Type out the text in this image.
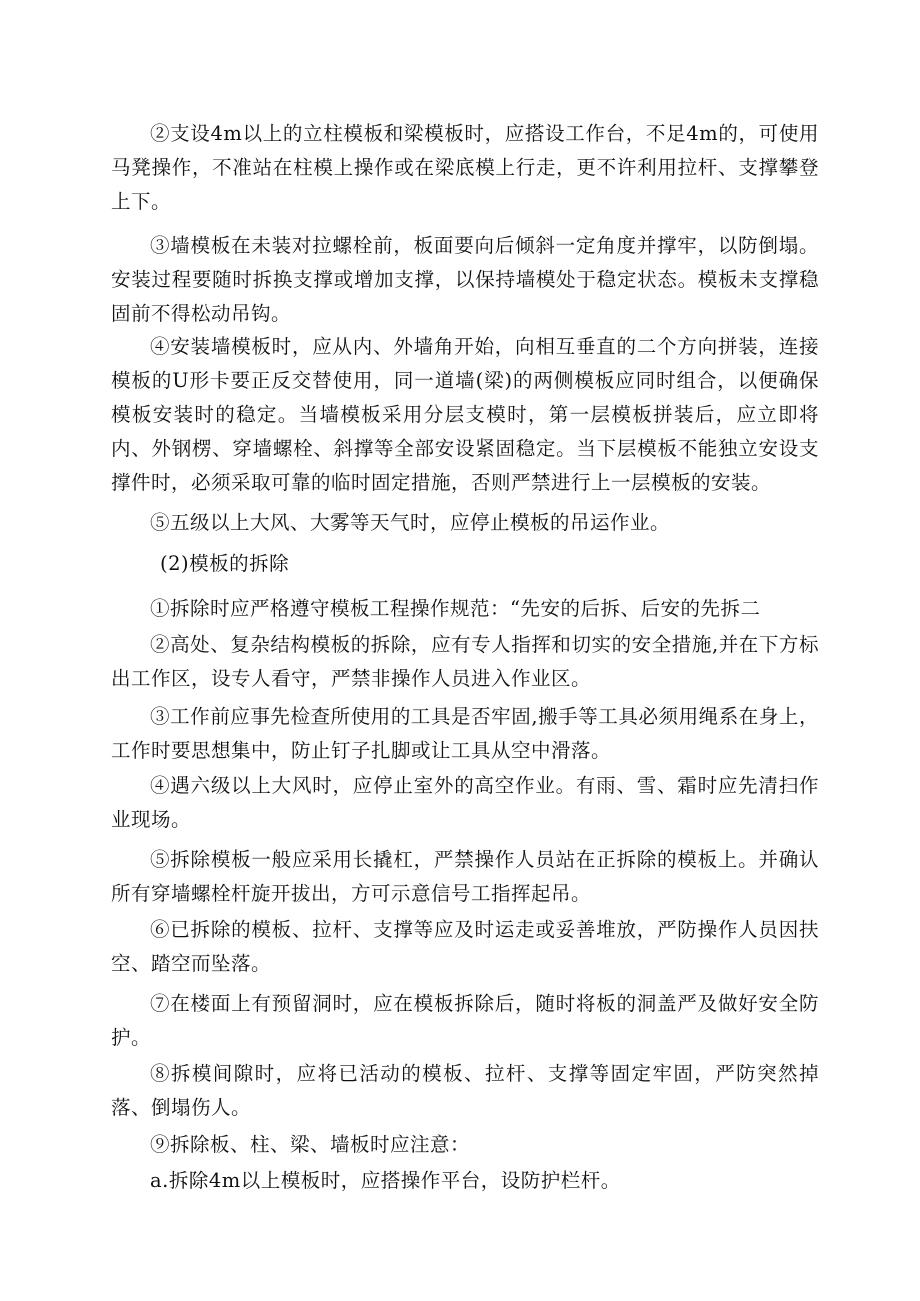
②支设4m以上的立柱模板和梁模板时，应搭设工作台，不足4m的，可使用马凳操作，不准站在柱模上操作或在梁底模上行走，更不许利用拉杆、支撑攀登上下。

③墙模板在未装对拉螺栓前，板面要向后倾斜一定角度并撑牢，以防倒塌。安装过程要随时拆换支撑或增加支撑，以保持墙模处于稳定状态。模板未支撑稳固前不得松动吊钩。

④安装墙模板时，应从内、外墙角开始，向相互垂直的二个方向拼装，连接模板的U形卡要正反交替使用，同一道墙(梁)的两侧模板应同时组合，以便确保模板安装时的稳定。当墙模板采用分层支模时，第一层模板拼装后，应立即将内、外钢楞、穿墙螺栓、斜撑等全部安设紧固稳定。当下层模板不能独立安设支撑件时，必须采取可靠的临时固定措施，否则严禁进行上一层模板的安装。

⑤五级以上大风、大雾等天气时，应停止模板的吊运作业。

(2)模板的拆除

①拆除时应严格遵守模板工程操作规范：“先安的后拆、后安的先拆二

②高处、复杂结构模板的拆除，应有专人指挥和切实的安全措施,并在下方标出工作区，设专人看守，严禁非操作人员进入作业区。

③工作前应事先检查所使用的工具是否牢固,搬手等工具必须用绳系在身上，工作时要思想集中，防止钉子扎脚或让工具从空中滑落。

④遇六级以上大风时，应停止室外的高空作业。有雨、雪、霜时应先清扫作业现场。

⑤拆除模板一般应采用长撬杠，严禁操作人员站在正拆除的模板上。并确认所有穿墙螺栓杆旋开拔出，方可示意信号工指挥起吊。

⑥已拆除的模板、拉杆、支撑等应及时运走或妥善堆放，严防操作人员因扶空、踏空而坠落。

⑦在楼面上有预留洞时，应在模板拆除后，随时将板的洞盖严及做好安全防护。

⑧拆模间隙时，应将已活动的模板、拉杆、支撑等固定牢固，严防突然掉落、倒塌伤人。

⑨拆除板、柱、梁、墙板时应注意：

a.拆除4m以上模板时，应搭操作平台，设防护栏杆。
